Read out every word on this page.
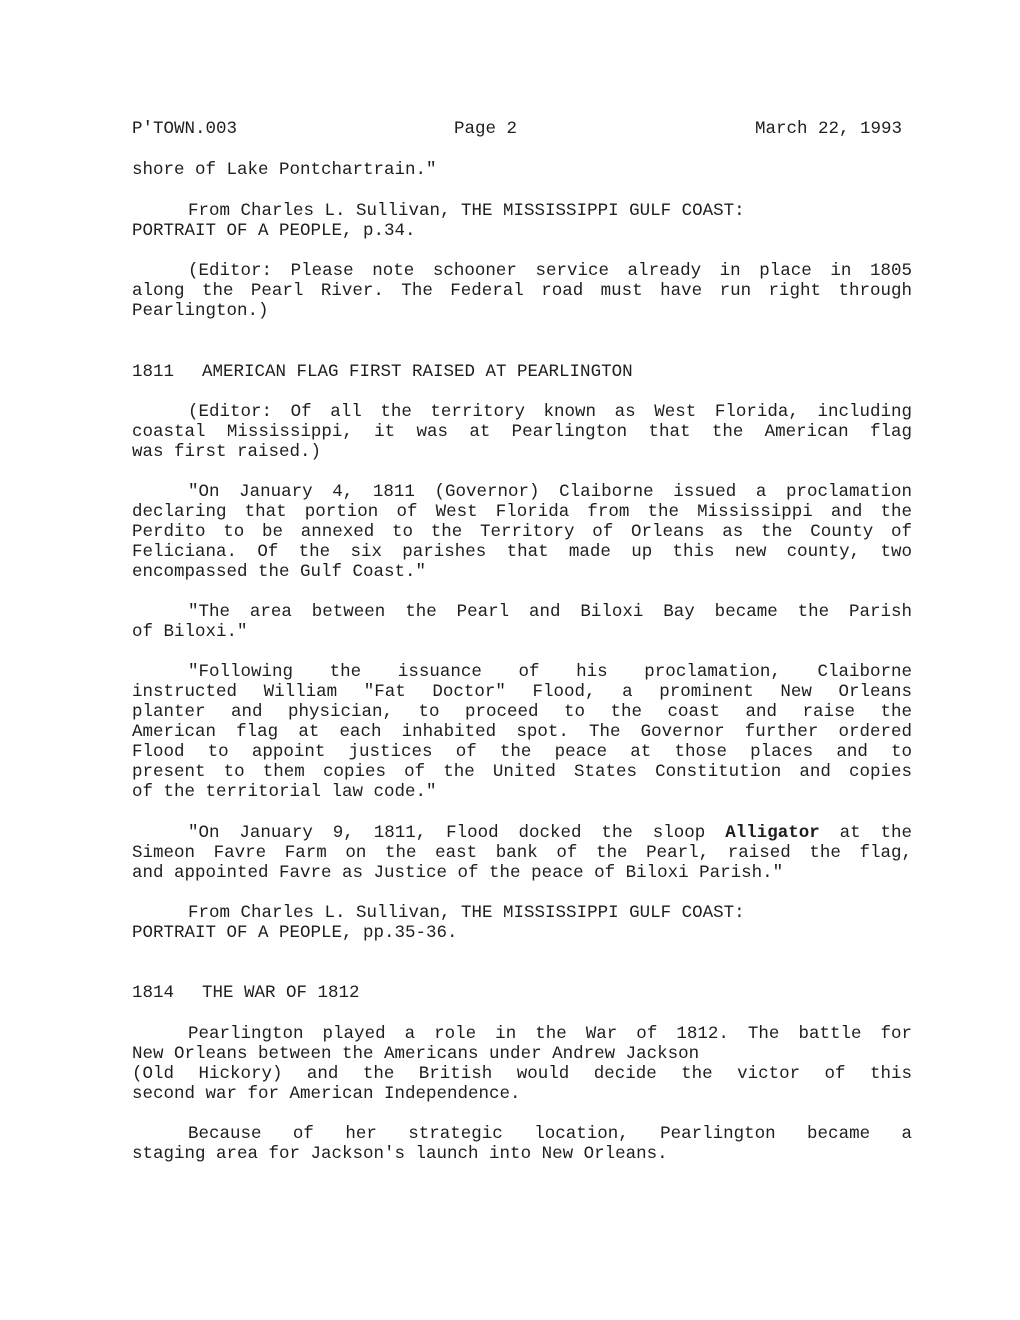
P'TOWN.003	Page 2	March 22, 1993
shore of Lake Pontchartrain."
From Charles L. Sullivan, THE MISSISSIPPI GULF COAST:
PORTRAIT OF A PEOPLE, p.34.
(Editor: Please note schooner service already in place in 1805
along the Pearl River. The Federal road must have run right through
Pearlington.)
1811 AMERICAN FLAG FIRST RAISED AT PEARLINGTON
(Editor: Of all the territory known as West Florida, including
coastal Mississippi, it was at Pearlington that the American flag
was first raised.)
"On January 4, 1811 (Governor) Claiborne issued a proclamation
declaring that portion of West Florida from the Mississippi and the
Perdito to be annexed to the Territory of Orleans as the County of
Feliciana. Of the six parishes that made up this new county, two
encompassed the Gulf Coast."
"The area between the Pearl and Biloxi Bay became the Parish
of Biloxi."
"Following the issuance of his proclamation, Claiborne
instructed William "Fat Doctor" Flood, a prominent New Orleans
planter and physician, to proceed to the coast and raise the
American flag at each inhabited spot. The Governor further ordered
Flood to appoint justices of the peace at those places and to
present to them copies of the United States Constitution and copies
of the territorial law code."
"On January 9, 1811, Flood docked the sloop Alligator at the
Simeon Favre Farm on the east bank of the Pearl, raised the flag,
and appointed Favre as Justice of the peace of Biloxi Parish."
From Charles L. Sullivan, THE MISSISSIPPI GULF COAST:
PORTRAIT OF A PEOPLE, pp.35-36.
1814 THE WAR OF 1812
Pearlington played a role in the War of 1812. The battle for
New Orleans between the Americans under Andrew Jackson
(Old Hickory) and the British would decide the victor of this
second war for American Independence.
Because of her strategic location, Pearlington became a
staging area for Jackson's launch into New Orleans.
